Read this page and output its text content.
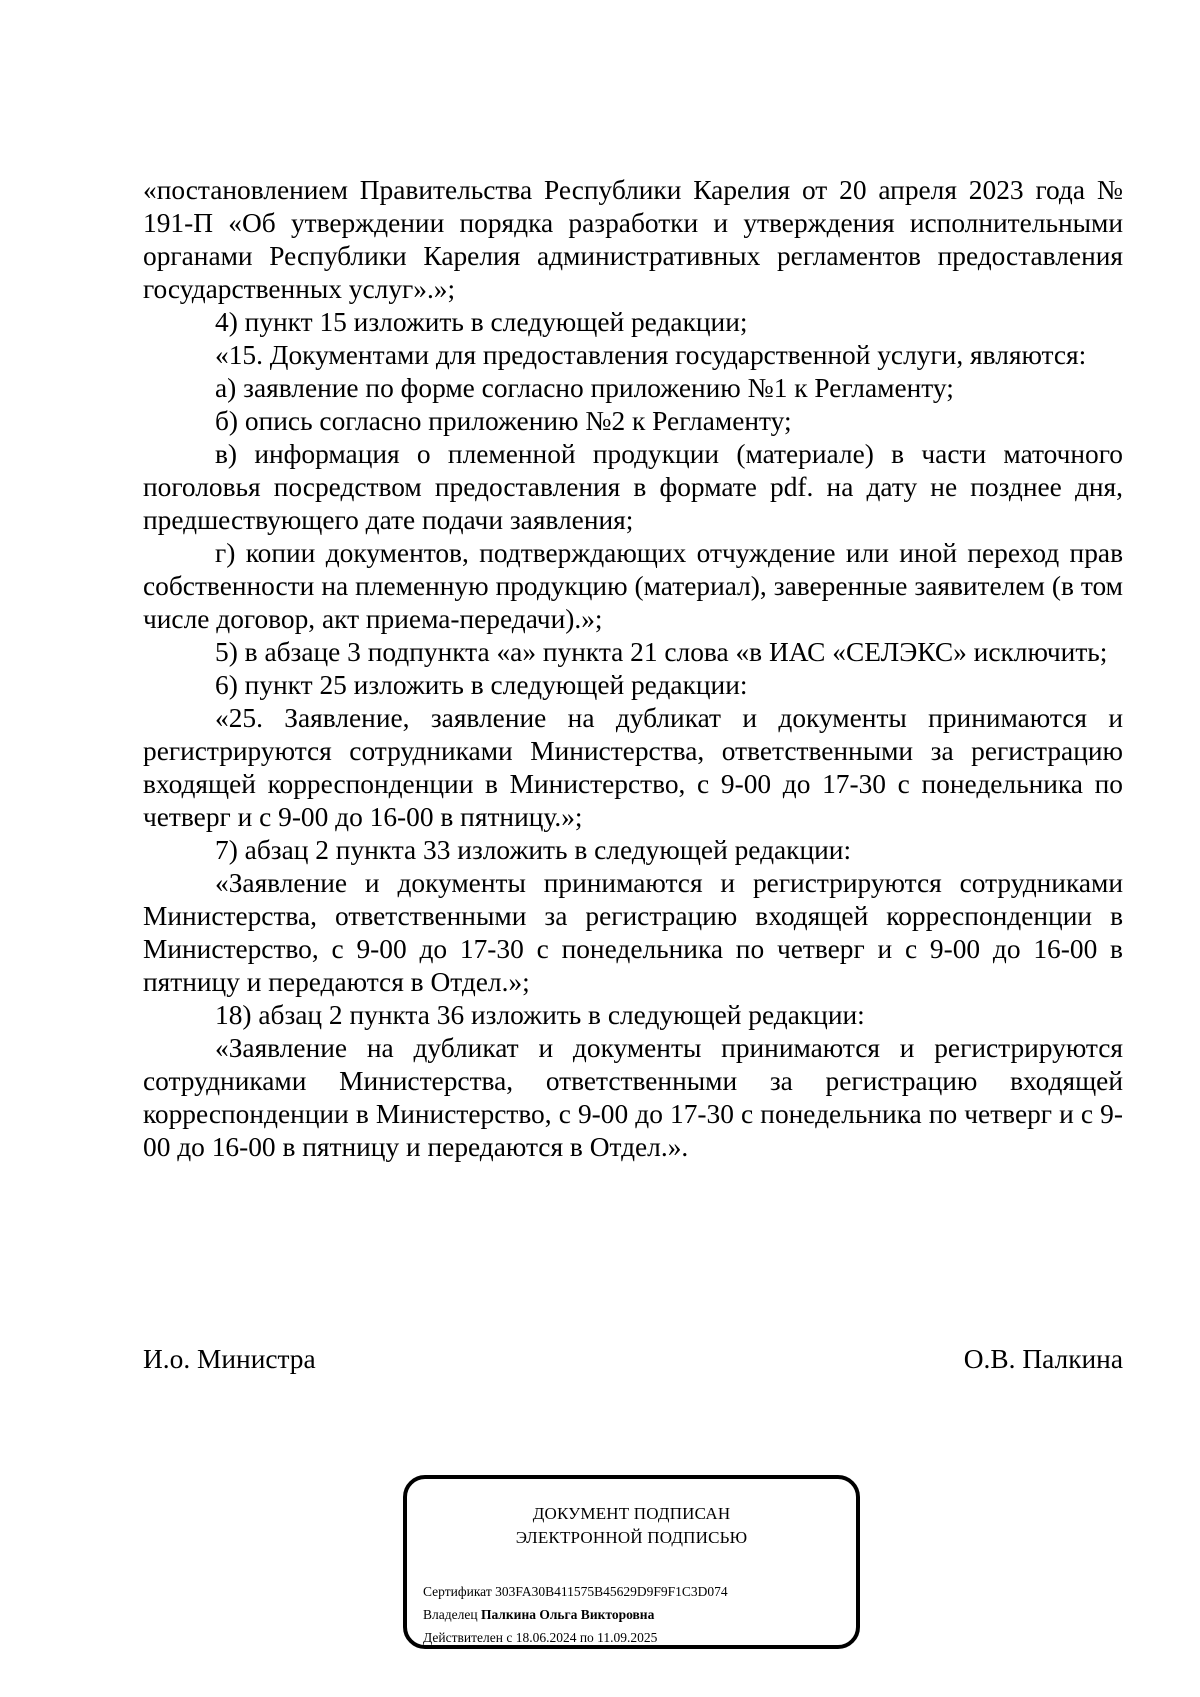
«постановлением Правительства Республики Карелия от 20 апреля 2023 года № 191-П «Об утверждении порядка разработки и утверждения исполнительными органами Республики Карелия административных регламентов предоставления государственных услуг».»;

4) пункт 15 изложить в следующей редакции;

«15. Документами для предоставления государственной услуги, являются:

а) заявление по форме согласно приложению №1 к Регламенту;

б) опись согласно приложению №2 к Регламенту;

в) информация о племенной продукции (материале) в части маточного поголовья посредством предоставления в формате pdf. на дату не позднее дня, предшествующего дате подачи заявления;

г) копии документов, подтверждающих отчуждение или иной переход прав собственности на племенную продукцию (материал), заверенные заявителем (в том числе договор, акт приема-передачи).»;

5) в абзаце 3 подпункта «а» пункта 21 слова «в ИАС «СЕЛЭКС» исключить;

6) пункт 25 изложить в следующей редакции:

«25. Заявление, заявление на дубликат и документы принимаются и регистрируются сотрудниками Министерства, ответственными за регистрацию входящей корреспонденции в Министерство, с 9-00 до 17-30 с понедельника по четверг и с 9-00 до 16-00 в пятницу.»;

7) абзац 2 пункта 33 изложить в следующей редакции:

«Заявление и документы принимаются и регистрируются сотрудниками Министерства, ответственными за регистрацию входящей корреспонденции в Министерство, с 9-00 до 17-30 с понедельника по четверг и с 9-00 до 16-00 в пятницу и передаются в Отдел.»;

18) абзац 2 пункта 36 изложить в следующей редакции:

«Заявление на дубликат и документы принимаются и регистрируются сотрудниками Министерства, ответственными за регистрацию входящей корреспонденции в Министерство, с 9-00 до 17-30 с понедельника по четверг и с 9-00 до 16-00 в пятницу и передаются в Отдел.».

И.о. Министра	О.В. Палкина
ДОКУМЕНТ ПОДПИСАН
ЭЛЕКТРОННОЙ ПОДПИСЬЮ
Сертификат 303FA30B411575B45629D9F9F1C3D074
Владелец Палкина Ольга Викторовна
Действителен с 18.06.2024 по 11.09.2025
